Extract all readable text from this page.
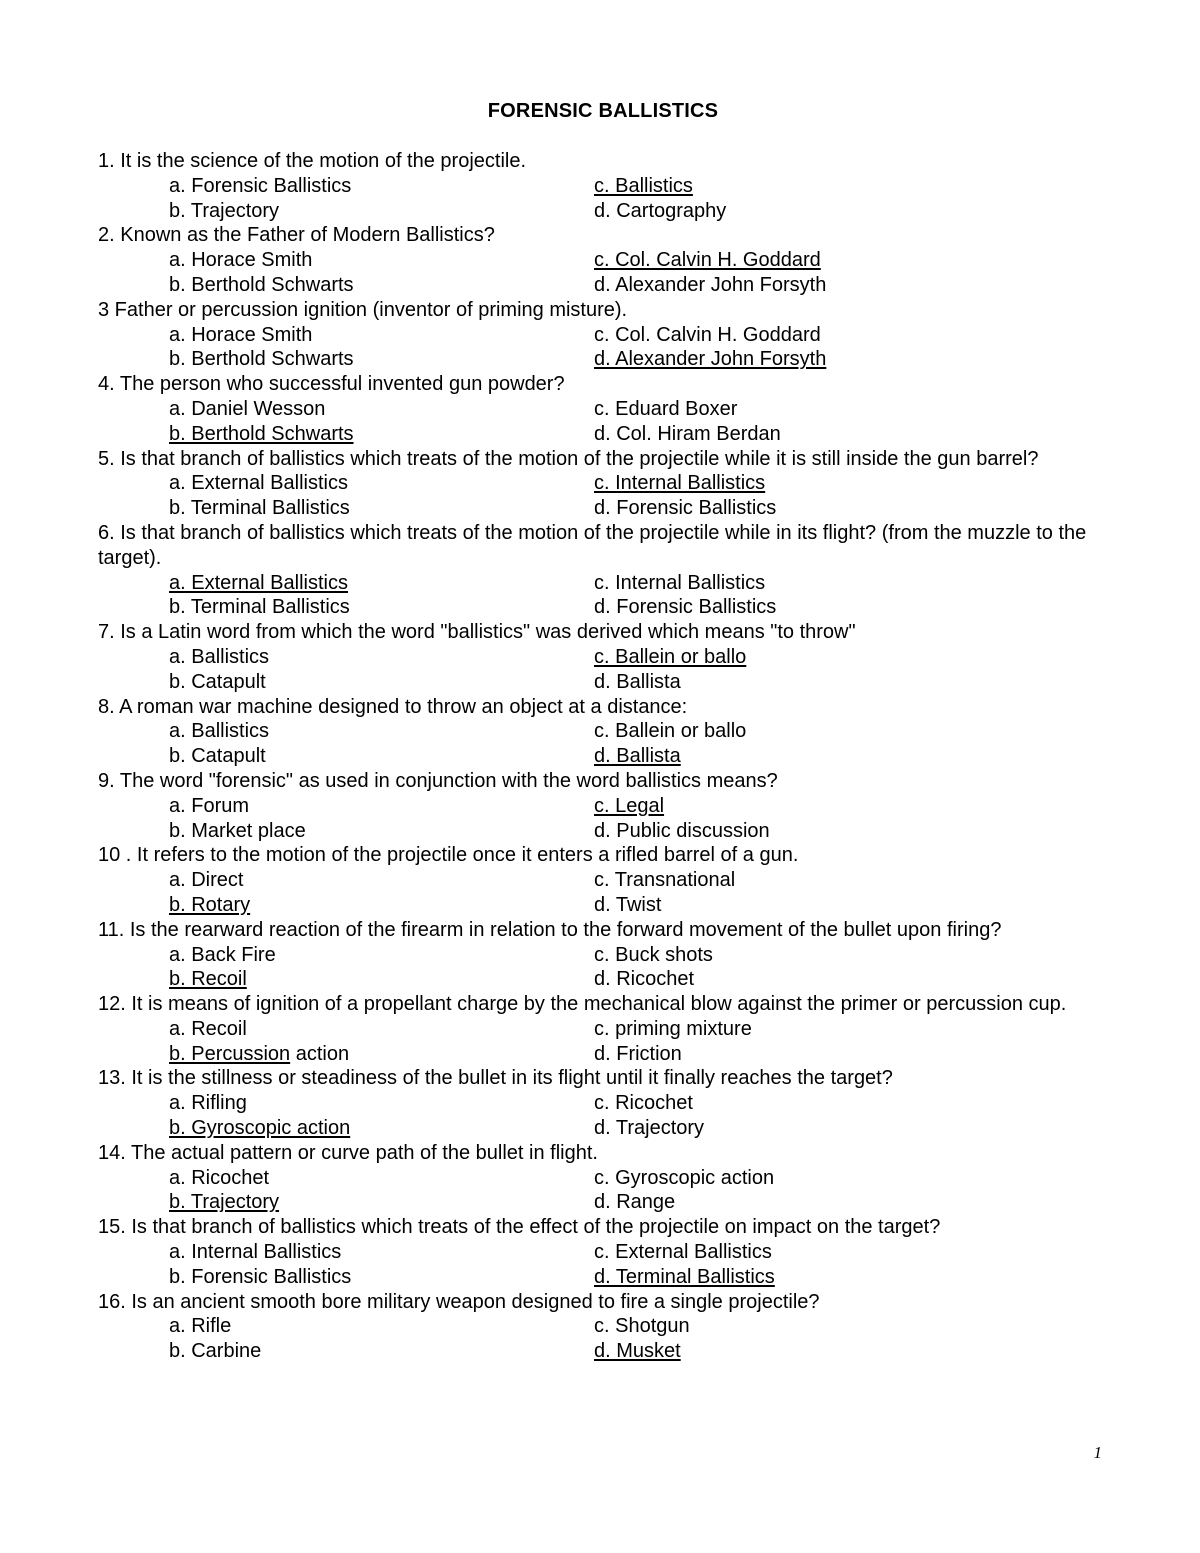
FORENSIC BALLISTICS
1. It is the science of the motion of the projectile.
a. Forensic Ballistics	c. Ballistics
b. Trajectory	d. Cartography
2. Known as the Father of Modern Ballistics?
a. Horace Smith	c. Col. Calvin H. Goddard
b. Berthold Schwarts	d. Alexander John Forsyth
3 Father or percussion ignition (inventor of priming misture).
a. Horace Smith	c. Col. Calvin H. Goddard
b. Berthold Schwarts	d. Alexander John Forsyth
4. The person who successful invented gun powder?
a. Daniel Wesson	c. Eduard Boxer
b. Berthold Schwarts	d. Col. Hiram Berdan
5. Is that branch of ballistics which treats of the motion of the projectile while it is still inside the gun barrel?
a. External Ballistics	c. Internal Ballistics
b. Terminal Ballistics	d. Forensic Ballistics
6. Is that branch of ballistics which treats of the motion of the projectile while in its flight? (from the muzzle to the target).
a. External Ballistics	c. Internal Ballistics
b. Terminal Ballistics	d. Forensic Ballistics
7. Is a Latin word from which the word "ballistics" was derived which means "to throw"
a. Ballistics	c. Ballein or ballo
b. Catapult	d. Ballista
8. A roman war machine designed to throw an object at a distance:
a. Ballistics	c. Ballein or ballo
b. Catapult	d. Ballista
9. The word "forensic" as used in conjunction with the word ballistics means?
a. Forum	c. Legal
b. Market place	d. Public discussion
10 . It refers to the motion of the projectile once it enters a rifled barrel of a gun.
a. Direct	c. Transnational
b. Rotary	d. Twist
11. Is the rearward reaction of the firearm in relation to the forward movement of the bullet upon firing?
a. Back Fire	c. Buck shots
b. Recoil	d. Ricochet
12. It is means of ignition of a propellant charge by the mechanical blow against the primer or percussion cup.
a. Recoil	c. priming mixture
b. Percussion action	d. Friction
13. It is the stillness or steadiness of the bullet in its flight until it finally reaches the target?
a. Rifling	c. Ricochet
b. Gyroscopic action	d. Trajectory
14. The actual pattern or curve path of the bullet in flight.
a. Ricochet	c. Gyroscopic action
b. Trajectory	d. Range
15. Is that branch of ballistics which treats of the effect of the projectile on impact on the target?
a. Internal Ballistics	c. External Ballistics
b. Forensic Ballistics	d. Terminal Ballistics
16. Is an ancient smooth bore military weapon designed to fire a single projectile?
a. Rifle	c. Shotgun
b. Carbine	d. Musket
1
